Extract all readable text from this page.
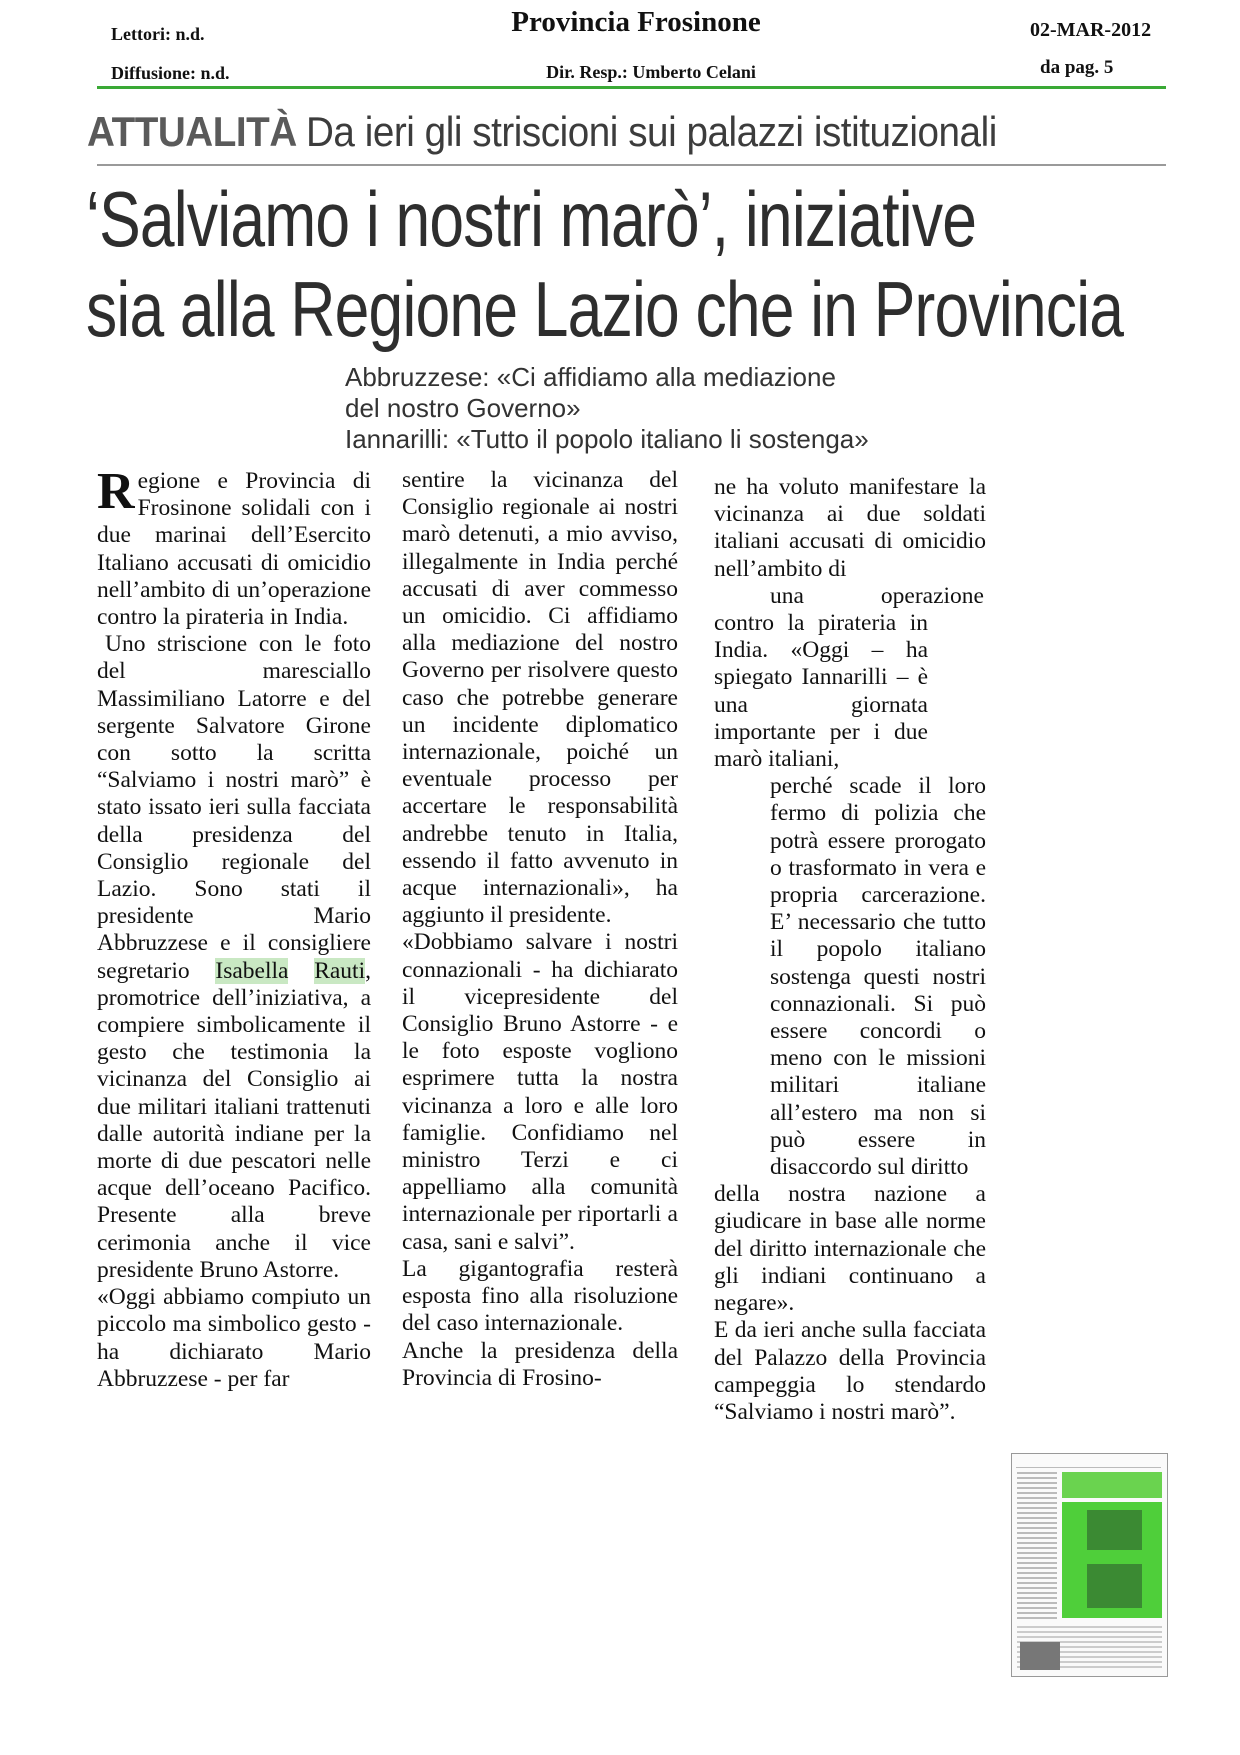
Lettori: n.d.
Diffusione: n.d.
Provincia Frosinone
Dir. Resp.: Umberto Celani
02-MAR-2012
da pag. 5
ATTUALITÀ Da ieri gli striscioni sui palazzi istituzionali
‘Salviamo i nostri marò’, iniziative
sia alla Regione Lazio che in Provincia
Abbruzzese: «Ci affidiamo alla mediazione
del nostro Governo»
Iannarilli: «Tutto il popolo italiano li sostenga»

Regione e Provincia di Frosinone solidali con i due marinai dell’Esercito Italiano accusati di omicidio nell’ambito di un’operazione contro la pirateria in India.

Uno striscione con le foto del maresciallo Massimiliano Latorre e del sergente Salvatore Girone con sotto la scritta “Salviamo i nostri marò” è stato issato ieri sulla facciata della presidenza del Consiglio regionale del Lazio. Sono stati il presidente Mario Abbruzzese e il consigliere segretario Isabella Rauti, promotrice dell’iniziativa, a compiere simbolicamente il gesto che testimonia la vicinanza del Consiglio ai due militari italiani trattenuti dalle autorità indiane per la morte di due pescatori nelle acque dell’oceano Pacifico. Presente alla breve cerimonia anche il vice presidente Bruno Astorre.

«Oggi abbiamo compiuto un piccolo ma simbolico gesto - ha dichiarato Mario Abbruzzese - per far

sentire la vicinanza del Consiglio regionale ai nostri marò detenuti, a mio avviso, illegalmente in India perché accusati di aver commesso un omicidio. Ci affidiamo alla mediazione del nostro Governo per risolvere questo caso che potrebbe generare un incidente diplomatico internazionale, poiché un eventuale processo per accertare le responsabilità andrebbe tenuto in Italia, essendo il fatto avvenuto in acque internazionali», ha aggiunto il presidente.

«Dobbiamo salvare i nostri connazionali - ha dichiarato il vicepresidente del Consiglio Bruno Astorre - e le foto esposte vogliono esprimere tutta la nostra vicinanza a loro e alle loro famiglie. Confidiamo nel ministro Terzi e ci appelliamo alla comunità internazionale per riportarli a casa, sani e salvi”.

La gigantografia resterà esposta fino alla risoluzione del caso internazionale.

Anche la presidenza della Provincia di Frosino-

ne ha voluto manifestare la vicinanza ai due soldati italiani accusati di omicidio nell’ambito di

una operazione

contro la pirateria in India. «Oggi – ha spiegato Iannarilli – è una giornata importante per i due marò italiani,

perché scade il loro fermo di polizia che potrà essere prorogato o trasformato in vera e propria carcerazione. E’ necessario che tutto il popolo italiano sostenga questi nostri connazionali. Si può essere concordi o meno con le missioni militari italiane all’estero ma non si può essere in disaccordo sul diritto

della nostra nazione a giudicare in base alle norme del diritto internazionale che gli indiani continuano a negare».

E da ieri anche sulla facciata del Palazzo della Provincia campeggia lo stendardo “Salviamo i nostri marò”.
